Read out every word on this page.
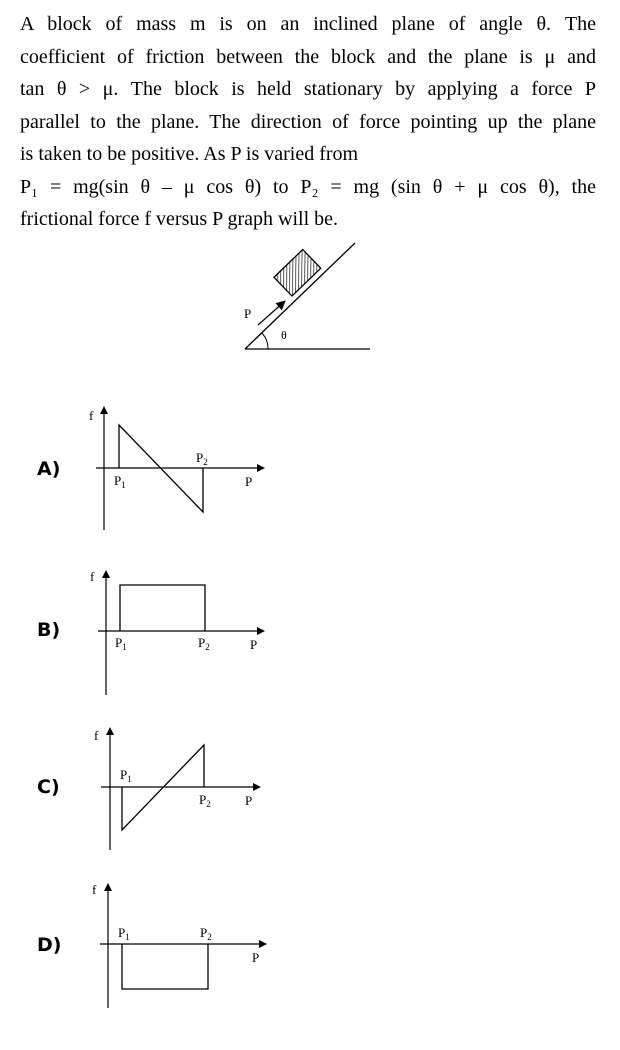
A block of mass m is on an inclined plane of angle θ. The
coefficient of friction between the block and the plane is μ and
tan θ > μ. The block is held stationary by applying a force P
parallel to the plane. The direction of force pointing up the plane
is taken to be positive. As P is varied from
P₁ = mg(sin θ – μ cos θ) to P₂ = mg (sin θ + μ cos θ), the
frictional force f versus P graph will be.
P
θ
f
P
$P_1$
$P_2$
f
P
$P_1$	$P_2$
f
P
$P_1$
$P_2$
f
P
$P_1$	$P_2$
A)
B)
C)
D)
